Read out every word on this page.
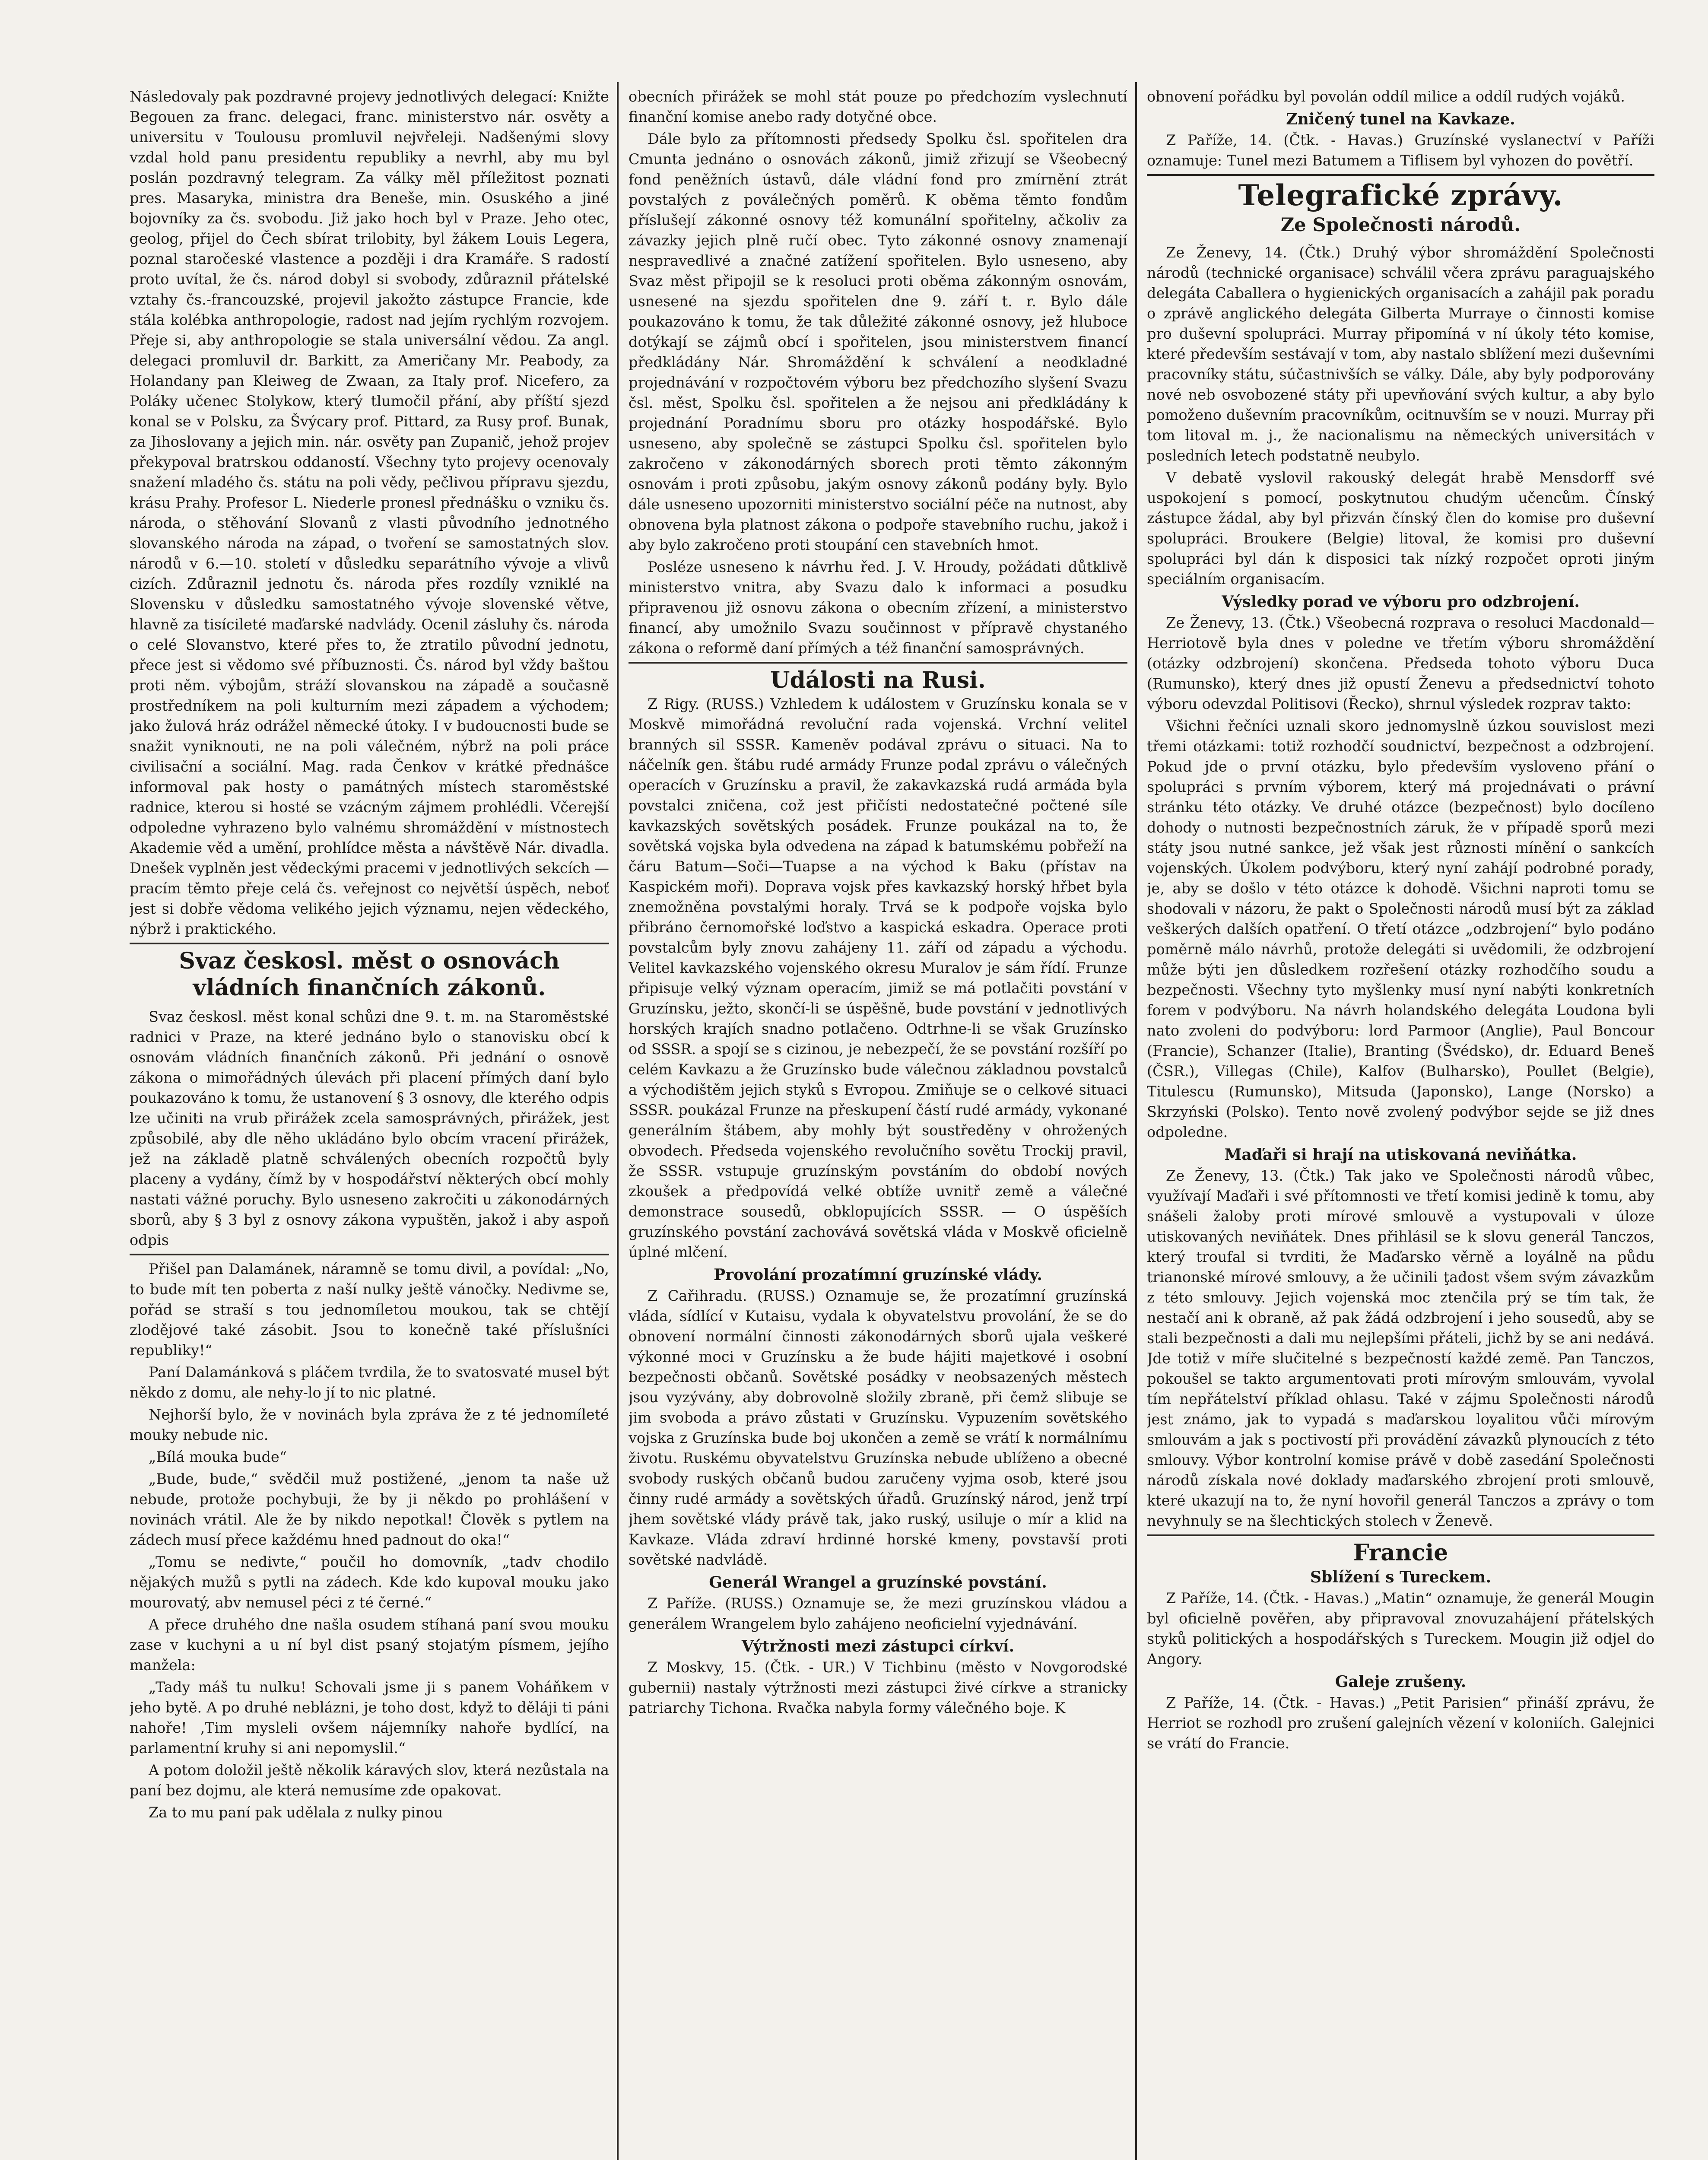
Následovaly pak pozdravné projevy jednotlivých delegací: Knižte Begouen za franc. delegaci, franc. ministerstvo nár. osvěty a universitu v Toulousu promluvil nejvřeleji. Nadšenými slovy vzdal hold panu presidentu republiky a nevrhl, aby mu byl poslán pozdravný telegram. Za války měl příležitost poznati pres. Masaryka, ministra dra Beneše, min. Osuského a jiné bojovníky za čs. svobodu. Již jako hoch byl v Praze. Jeho otec, geolog, přijel do Čech sbírat trilobity, byl žákem Louis Legera, poznal staročeské vlastence a později i dra Kramáře. S radostí proto uvítal, že čs. národ dobyl si svobody, zdůraznil přátelské vztahy čs.-francouzské, projevil jakožto zástupce Francie, kde stála kolébka anthropologie, radost nad jejím rychlým rozvojem. Přeje si, aby anthropologie se stala universální vědou. Za angl. delegaci promluvil dr. Barkitt, za Američany Mr. Peabody, za Holandany pan Kleiweg de Zwaan, za Italy prof. Nicefero, za Poláky učenec Stolykow, který tlumočil přání, aby příští sjezd konal se v Polsku, za Švýcary prof. Pittard, za Rusy prof. Bunak, za Jihoslovany a jejich min. nár. osvěty pan Zupanič, jehož projev překypoval bratrskou oddaností. Všechny tyto projevy ocenovaly snažení mladého čs. státu na poli vědy, pečlivou přípravu sjezdu, krásu Prahy. Profesor L. Niederle pronesl přednášku o vzniku čs. národa, o stěhování Slovanů z vlasti původního jednotného slovanského národa na západ, o tvoření se samostatných slov. národů v 6.—10. století v důsledku separátního vývoje a vlivů cizích. Zdůraznil jednotu čs. národa přes rozdíly vzniklé na Slovensku v důsledku samostatného vývoje slovenské větve, hlavně za tisícileté maďarské nadvlády. Ocenil zásluhy čs. národa o celé Slovanstvo, které přes to, že ztratilo původní jednotu, přece jest si vědomo své příbuznosti. Čs. národ byl vždy baštou proti něm. výbojům, stráží slovanskou na západě a současně prostředníkem na poli kulturním mezi západem a východem; jako žulová hráz odrážel německé útoky. I v budoucnosti bude se snažit vyniknouti, ne na poli válečném, nýbrž na poli práce civilisační a sociální. Mag. rada Čenkov v krátké přednášce informoval pak hosty o památných místech staroměstské radnice, kterou si hosté se vzácným zájmem prohlédli. Včerejší odpoledne vyhrazeno bylo valnému shromáždění v místnostech Akademie věd a umění, prohlídce města a návštěvě Nár. divadla. Dnešek vyplněn jest vědeckými pracemi v jednotlivých sekcích — pracím těmto přeje celá čs. veřejnost co největší úspěch, neboť jest si dobře vědoma velikého jejich významu, nejen vědeckého, nýbrž i praktického.

Svaz českosl. měst o osnovách vládních finančních zákonů.

Svaz českosl. měst konal schůzi dne 9. t. m. na Staroměstské radnici v Praze, na které jednáno bylo o stanovisku obcí k osnovám vládních finančních zákonů. Při jednání o osnově zákona o mimořádných úlevách při placení přímých daní bylo poukazováno k tomu, že ustanovení § 3 osnovy, dle kterého odpis lze učiniti na vrub přirážek zcela samosprávných, přirážek, jest způsobilé, aby dle něho ukládáno bylo obcím vracení přirážek, jež na základě platně schválených obecních rozpočtů byly placeny a vydány, čímž by v hospodářství některých obcí mohly nastati vážné poruchy. Bylo usneseno zakročiti u zákonodárných sborů, aby § 3 byl z osnovy zákona vypuštěn, jakož i aby aspoň odpis

Přišel pan Dalamánek, náramně se tomu divil, a povídal: „No, to bude mít ten poberta z naší nulky ještě vánočky. Nedivme se, pořád se straší s tou jednomíletou moukou, tak se chtějí zlodějové také zásobit. Jsou to konečně také příslušníci republiky!“

Paní Dalamánková s pláčem tvrdila, že to svatosvaté musel být někdo z domu, ale nehy-lo jí to nic platné.

Nejhorší bylo, že v novinách byla zpráva že z té jednomíleté mouky nebude nic.

„Bílá mouka bude“

„Bude, bude,“ svědčil muž postižené, „jenom ta naše už nebude, protože pochybuji, že by ji někdo po prohlášení v novinách vrátil. Ale že by nikdo nepotkal! Člověk s pytlem na zádech musí přece každému hned padnout do oka!“

„Tomu se nedivte,“ poučil ho domovník, „tadv chodilo nějakých mužů s pytli na zádech. Kde kdo kupoval mouku jako mourovatý, abv nemusel péci z té černé.“

A přece druhého dne našla osudem stíhaná paní svou mouku zase v kuchyni a u ní byl dist psaný stojatým písmem, jejího manžela:

„Tady máš tu nulku! Schovali jsme ji s panem Voháňkem v jeho bytě. A po druhé neblázni, je toho dost, když to děláji ti páni nahoře! ‚Tim mysleli ovšem nájemníky nahoře bydlící, na parlamentní kruhy si ani nepomyslil.“

A potom doložil ještě několik káravých slov, která nezůstala na paní bez dojmu, ale která nemusíme zde opakovat.

Za to mu paní pak udělala z nulky pinou

obecních přirážek se mohl stát pouze po předchozím vyslechnutí finanční komise anebo rady dotyčné obce.

Dále bylo za přítomnosti předsedy Spolku čsl. spořitelen dra Cmunta jednáno o osnovách zákonů, jimiž zřizují se Všeobecný fond peněžních ústavů, dále vládní fond pro zmírnění ztrát povstalých z poválečných poměrů. K oběma těmto fondům příslušejí zákonné osnovy též komunální spořitelny, ačkoliv za závazky jejich plně ručí obec. Tyto zákonné osnovy znamenají nespravedlivé a značné zatížení spořitelen. Bylo usneseno, aby Svaz měst připojil se k resoluci proti oběma zákonným osnovám, usnesené na sjezdu spořitelen dne 9. září t. r. Bylo dále poukazováno k tomu, že tak důležité zákonné osnovy, jež hluboce dotýkají se zájmů obcí i spořitelen, jsou ministerstvem financí předkládány Nár. Shromáždění k schválení a neodkladné projednávání v rozpočtovém výboru bez předchozího slyšení Svazu čsl. měst, Spolku čsl. spořitelen a že nejsou ani předkládány k projednání Poradnímu sboru pro otázky hospodářské. Bylo usneseno, aby společně se zástupci Spolku čsl. spořitelen bylo zakročeno v zákonodárných sborech proti těmto zákonným osnovám i proti způsobu, jakým osnovy zákonů podány byly. Bylo dále usneseno upozorniti ministerstvo sociální péče na nutnost, aby obnovena byla platnost zákona o podpoře stavebního ruchu, jakož i aby bylo zakročeno proti stoupání cen stavebních hmot.

Posléze usneseno k návrhu řed. J. V. Hroudy, požádati důtklivě ministerstvo vnitra, aby Svazu dalo k informaci a posudku připravenou již osnovu zákona o obecním zřízení, a ministerstvo financí, aby umožnilo Svazu součinnost v přípravě chystaného zákona o reformě daní přímých a též finanční samosprávných.

Události na Rusi.

Z Rigy. (RUSS.) Vzhledem k událostem v Gruzínsku konala se v Moskvě mimořádná revoluční rada vojenská. Vrchní velitel branných sil SSSR. Kameněv podával zprávu o situaci. Na to náčelník gen. štábu rudé armády Frunze podal zprávu o válečných operacích v Gruzínsku a pravil, že zakavkazská rudá armáda byla povstalci zničena, což jest přičísti nedostatečné počtené síle kavkazských sovětských posádek. Frunze poukázal na to, že sovětská vojska byla odvedena na západ k batumskému pobřeží na čáru Batum—Soči—Tuapse a na východ k Baku (přístav na Kaspickém moři). Doprava vojsk přes kavkazský horský hřbet byla znemožněna povstalými horaly. Trvá se k podpoře vojska bylo přibráno černomořské loďstvo a kaspická eskadra. Operace proti povstalcům byly znovu zahájeny 11. září od západu a východu. Velitel kavkazského vojenského okresu Muralov je sám řídí. Frunze připisuje velký význam operacím, jimiž se má potlačiti povstání v Gruzínsku, ježto, skončí-li se úspěšně, bude povstání v jednotlivých horských krajích snadno potlačeno. Odtrhne-li se však Gruzínsko od SSSR. a spojí se s cizinou, je nebezpečí, že se povstání rozšíří po celém Kavkazu a že Gruzínsko bude válečnou základnou povstalců a východištěm jejich styků s Evropou. Zmiňuje se o celkové situaci SSSR. poukázal Frunze na přeskupení částí rudé armády, vykonané generálním štábem, aby mohly být soustředěny v ohrožených obvodech. Předseda vojenského revolučního sovětu Trockij pravil, že SSSR. vstupuje gruzínským povstáním do období nových zkoušek a předpovídá velké obtíže uvnitř země a válečné demonstrace sousedů, obklopujících SSSR. — O úspěších gruzínského povstání zachovává sovětská vláda v Moskvě oficielně úplné mlčení.

Provolání prozatímní gruzínské vlády.

Z Cařihradu. (RUSS.) Oznamuje se, že prozatímní gruzínská vláda, sídlící v Kutaisu, vydala k obyvatelstvu provolání, že se do obnovení normální činnosti zákonodárných sborů ujala veškeré výkonné moci v Gruzínsku a že bude hájiti majetkové i osobní bezpečnosti občanů. Sovětské posádky v neobsazených městech jsou vyzývány, aby dobrovolně složily zbraně, při čemž slibuje se jim svoboda a právo zůstati v Gruzínsku. Vypuzením sovětského vojska z Gruzínska bude boj ukončen a země se vrátí k normálnímu životu. Ruskému obyvatelstvu Gruzínska nebude ublíženo a obecné svobody ruských občanů budou zaručeny vyjma osob, které jsou činny rudé armády a sovětských úřadů. Gruzínský národ, jenž trpí jhem sovětské vlády právě tak, jako ruský, usiluje o mír a klid na Kavkaze. Vláda zdraví hrdinné horské kmeny, povstavší proti sovětské nadvládě.

Generál Wrangel a gruzínské povstání.

Z Paříže. (RUSS.) Oznamuje se, že mezi gruzínskou vládou a generálem Wrangelem bylo zahájeno neoficielní vyjednávání.

Výtržnosti mezi zástupci církví.

Z Moskvy, 15. (Čtk. - UR.) V Tichbinu (město v Novgorodské gubernii) nastaly výtržnosti mezi zástupci živé církve a stranicky patriarchy Tichona. Rvačka nabyla formy válečného boje. K

obnovení pořádku byl povolán oddíl milice a oddíl rudých vojáků.

Zničený tunel na Kavkaze.

Z Paříže, 14. (Čtk. - Havas.) Gruzínské vyslanectví v Paříži oznamuje: Tunel mezi Batumem a Tiflisem byl vyhozen do povětří.

Telegrafické zprávy.
Ze Společnosti národů.

Ze Ženevy, 14. (Čtk.) Druhý výbor shromáždění Společnosti národů (technické organisace) schválil včera zprávu paraguajského delegáta Caballera o hygienických organisacích a zahájil pak poradu o zprávě anglického delegáta Gilberta Murraye o činnosti komise pro duševní spolupráci. Murray připomíná v ní úkoly této komise, které především sestávají v tom, aby nastalo sblížení mezi duševními pracovníky státu, súčastnivších se války. Dále, aby byly podporovány nové neb osvobozené státy při upevňování svých kultur, a aby bylo pomoženo duševním pracovníkům, ocitnuvším se v nouzi. Murray při tom litoval m. j., že nacionalismu na německých universitách v posledních letech podstatně neubylo.

V debatě vyslovil rakouský delegát hrabě Mensdorff své uspokojení s pomocí, poskytnutou chudým učencům. Čínský zástupce žádal, aby byl přizván čínský člen do komise pro duševní spolupráci. Broukere (Belgie) litoval, že komisi pro duševní spolupráci byl dán k disposici tak nízký rozpočet oproti jiným speciálním organisacím.

Výsledky porad ve výboru pro odzbrojení.

Ze Ženevy, 13. (Čtk.) Všeobecná rozprava o resoluci Macdonald—Herriotově byla dnes v poledne ve třetím výboru shromáždění (otázky odzbrojení) skončena. Předseda tohoto výboru Duca (Rumunsko), který dnes již opustí Ženevu a předsednictví tohoto výboru odevzdal Politisovi (Řecko), shrnul výsledek rozprav takto:

Všichni řečníci uznali skoro jednomyslně úzkou souvislost mezi třemi otázkami: totiž rozhodčí soudnictví, bezpečnost a odzbrojení. Pokud jde o první otázku, bylo především vysloveno přání o spolupráci s prvním výborem, který má projednávati o právní stránku této otázky. Ve druhé otázce (bezpečnost) bylo docíleno dohody o nutnosti bezpečnostních záruk, že v případě sporů mezi státy jsou nutné sankce, jež však jest různosti mínění o sankcích vojenských. Úkolem podvýboru, který nyní zahájí podrobné porady, je, aby se došlo v této otázce k dohodě. Všichni naproti tomu se shodovali v názoru, že pakt o Společnosti národů musí být za základ veškerých dalších opatření. O třetí otázce „odzbrojení“ bylo podáno poměrně málo návrhů, protože delegáti si uvědomili, že odzbrojení může býti jen důsledkem rozřešení otázky rozhodčího soudu a bezpečnosti. Všechny tyto myšlenky musí nyní nabýti konkretních forem v podvýboru. Na návrh holandského delegáta Loudona byli nato zvoleni do podvýboru: lord Parmoor (Anglie), Paul Boncour (Francie), Schanzer (Italie), Branting (Švédsko), dr. Eduard Beneš (ČSR.), Villegas (Chile), Kalfov (Bulharsko), Poullet (Belgie), Titulescu (Rumunsko), Mitsuda (Japonsko), Lange (Norsko) a Skrzyński (Polsko). Tento nově zvolený podvýbor sejde se již dnes odpoledne.

Maďaři si hrají na utiskovaná neviňátka.

Ze Ženevy, 13. (Čtk.) Tak jako ve Společnosti národů vůbec, využívají Maďaři i své přítomnosti ve třetí komisi jedině k tomu, aby snášeli žaloby proti mírové smlouvě a vystupovali v úloze utiskovaných neviňátek. Dnes přihlásil se k slovu generál Tanczos, který troufal si tvrditi, že Maďarsko věrně a loyálně na půdu trianonské mírové smlouvy, a že učinili ţadost všem svým závazkům z této smlouvy. Jejich vojenská moc ztenčila prý se tím tak, že nestačí ani k obraně, až pak žádá odzbrojení i jeho sousedů, aby se stali bezpečnosti a dali mu nejlepšími přáteli, jichž by se ani nedává. Jde totiž v míře slučitelné s bezpečností každé země. Pan Tanczos, pokoušel se takto argumentovati proti mírovým smlouvám, vyvolal tím nepřátelství příklad ohlasu. Také v zájmu Společnosti národů jest známo, jak to vypadá s maďarskou loyalitou vůči mírovým smlouvám a jak s poctivostí při provádění závazků plynoucích z této smlouvy. Výbor kontrolní komise právě v době zasedání Společnosti národů získala nové doklady maďarského zbrojení proti smlouvě, které ukazují na to, že nyní hovořil generál Tanczos a zprávy o tom nevyhnuly se na šlechtických stolech v Ženevě.

Francie
Sblížení s Tureckem.

Z Paříže, 14. (Čtk. - Havas.) „Matin“ oznamuje, že generál Mougin byl oficielně pověřen, aby připravoval znovuzahájení přátelských styků politických a hospodářských s Tureckem. Mougin již odjel do Angory.

Galeje zrušeny.

Z Paříže, 14. (Čtk. - Havas.) „Petit Parisien“ přináší zprávu, že Herriot se rozhodl pro zrušení galejních vězení v koloniích. Galejnici se vrátí do Francie.
